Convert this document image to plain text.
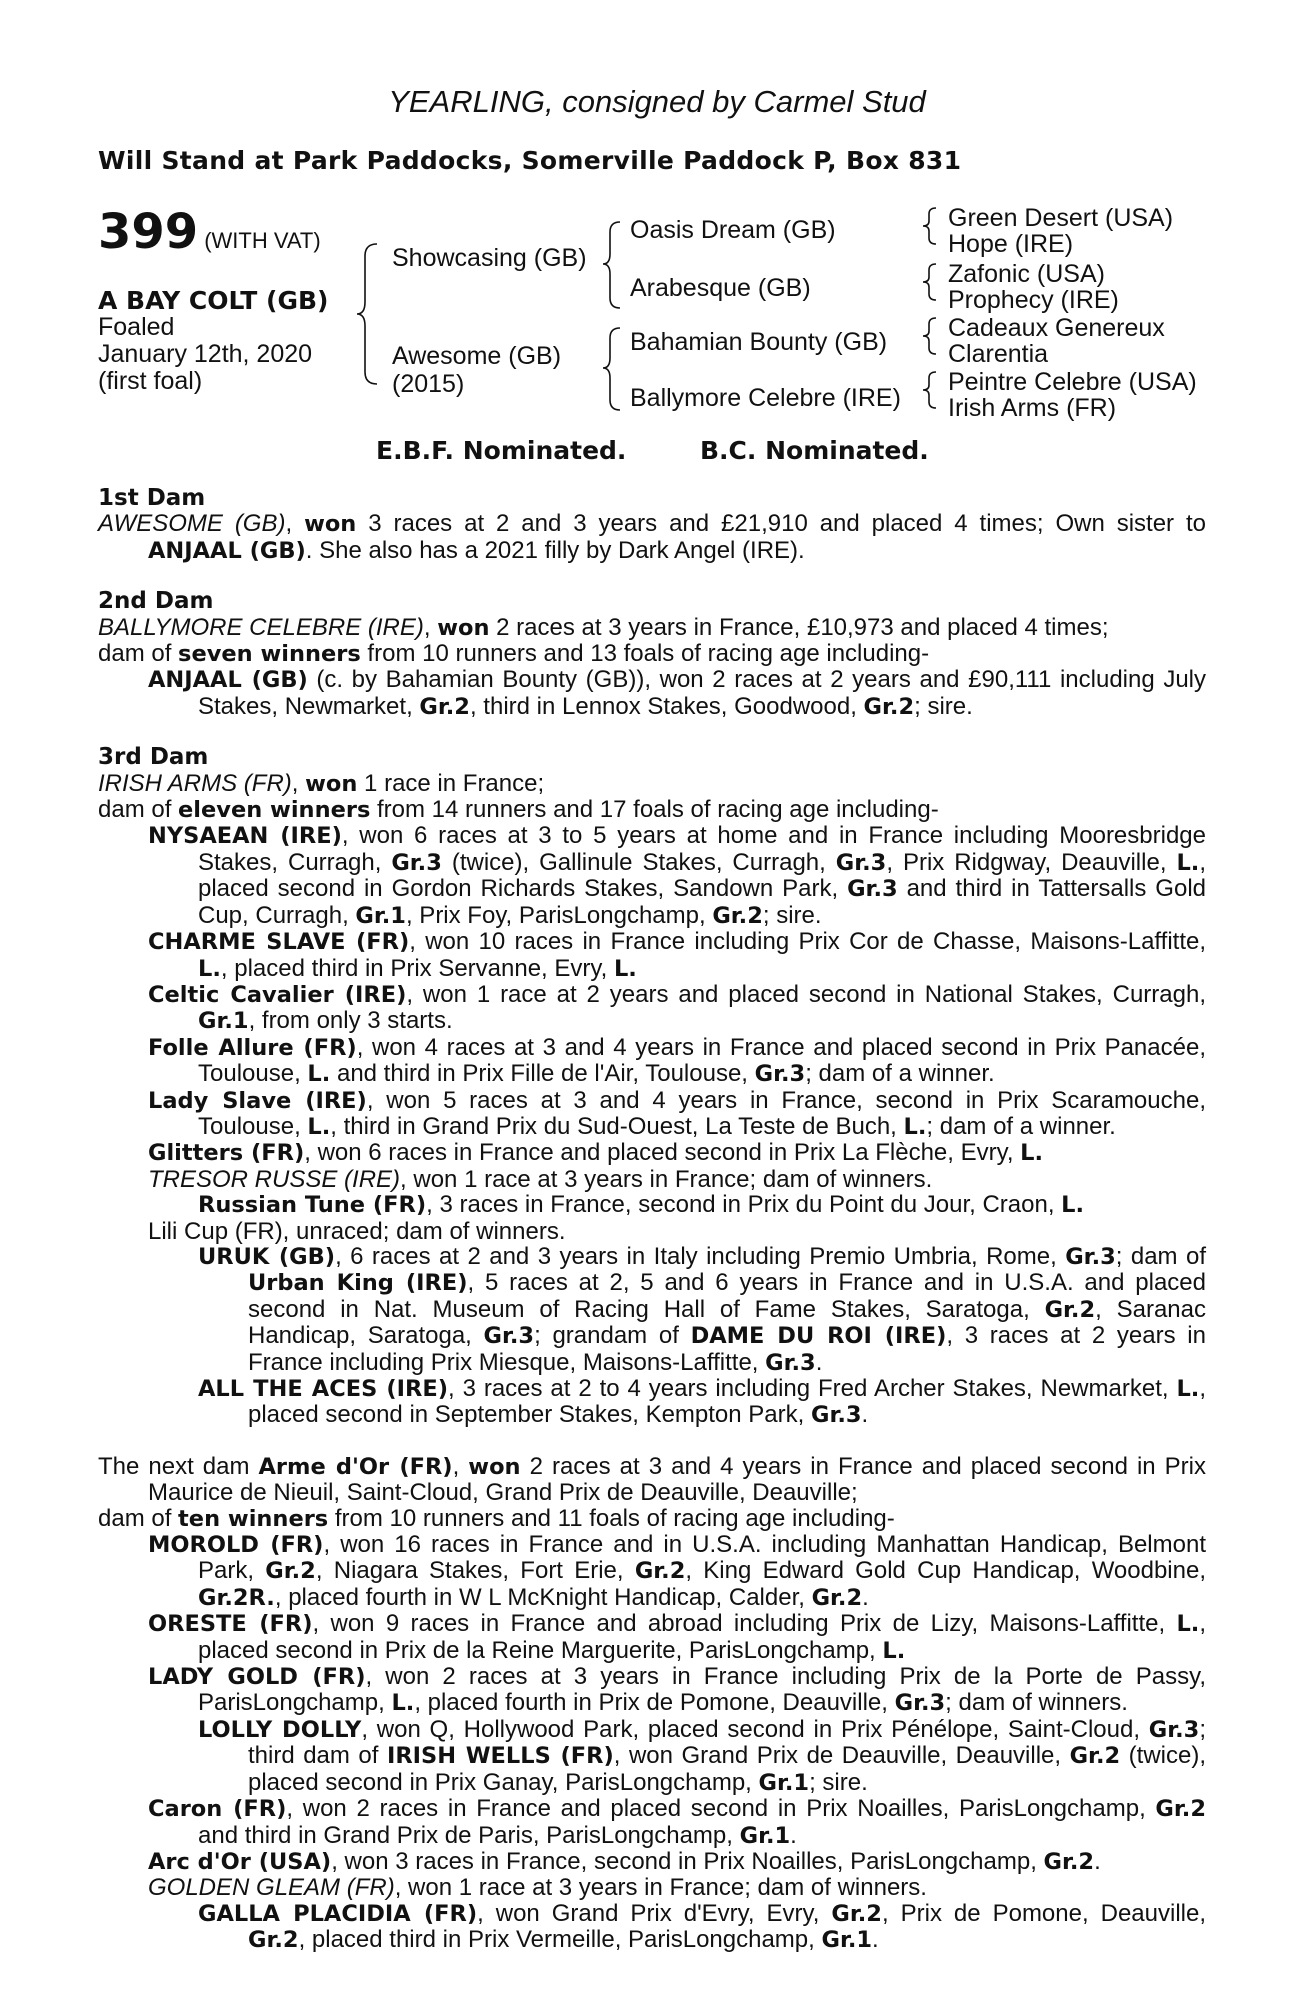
YEARLING, consigned by Carmel Stud
Will Stand at Park Paddocks, Somerville Paddock P, Box 831
399 (WITH VAT)
A BAY COLT (GB)
Foaled
January 12th, 2020
(first foal)
Showcasing (GB)
Awesome (GB)
(2015)
Oasis Dream (GB)
Arabesque (GB)
Bahamian Bounty (GB)
Ballymore Celebre (IRE)
Green Desert (USA)
Hope (IRE)
Zafonic (USA)
Prophecy (IRE)
Cadeaux Genereux
Clarentia
Peintre Celebre (USA)
Irish Arms (FR)
E.B.F. Nominated.	B.C. Nominated.
1st Dam

AWESOME (GB), won 3 races at 2 and 3 years and £21,910 and placed 4 times; Own sister to ANJAAL (GB). She also has a 2021 filly by Dark Angel (IRE).

2nd Dam

BALLYMORE CELEBRE (IRE), won 2 races at 3 years in France, £10,973 and placed 4 times;

dam of seven winners from 10 runners and 13 foals of racing age including-

ANJAAL (GB) (c. by Bahamian Bounty (GB)), won 2 races at 2 years and £90,111 including July Stakes, Newmarket, Gr.2, third in Lennox Stakes, Goodwood, Gr.2; sire.

3rd Dam

IRISH ARMS (FR), won 1 race in France;

dam of eleven winners from 14 runners and 17 foals of racing age including-

NYSAEAN (IRE), won 6 races at 3 to 5 years at home and in France including Mooresbridge Stakes, Curragh, Gr.3 (twice), Gallinule Stakes, Curragh, Gr.3, Prix Ridgway, Deauville, L., placed second in Gordon Richards Stakes, Sandown Park, Gr.3 and third in Tattersalls Gold Cup, Curragh, Gr.1, Prix Foy, ParisLongchamp, Gr.2; sire.

CHARME SLAVE (FR), won 10 races in France including Prix Cor de Chasse, Maisons-Laffitte, L., placed third in Prix Servanne, Evry, L.

Celtic Cavalier (IRE), won 1 race at 2 years and placed second in National Stakes, Curragh, Gr.1, from only 3 starts.

Folle Allure (FR), won 4 races at 3 and 4 years in France and placed second in Prix Panacée, Toulouse, L. and third in Prix Fille de l'Air, Toulouse, Gr.3; dam of a winner.

Lady Slave (IRE), won 5 races at 3 and 4 years in France, second in Prix Scaramouche, Toulouse, L., third in Grand Prix du Sud-Ouest, La Teste de Buch, L.; dam of a winner.

Glitters (FR), won 6 races in France and placed second in Prix La Flèche, Evry, L.

TRESOR RUSSE (IRE), won 1 race at 3 years in France; dam of winners.

Russian Tune (FR), 3 races in France, second in Prix du Point du Jour, Craon, L.

Lili Cup (FR), unraced; dam of winners.

URUK (GB), 6 races at 2 and 3 years in Italy including Premio Umbria, Rome, Gr.3; dam of Urban King (IRE), 5 races at 2, 5 and 6 years in France and in U.S.A. and placed second in Nat. Museum of Racing Hall of Fame Stakes, Saratoga, Gr.2, Saranac Handicap, Saratoga, Gr.3; grandam of DAME DU ROI (IRE), 3 races at 2 years in France including Prix Miesque, Maisons-Laffitte, Gr.3.

ALL THE ACES (IRE), 3 races at 2 to 4 years including Fred Archer Stakes, Newmarket, L., placed second in September Stakes, Kempton Park, Gr.3.

The next dam Arme d'Or (FR), won 2 races at 3 and 4 years in France and placed second in Prix Maurice de Nieuil, Saint-Cloud, Grand Prix de Deauville, Deauville;

dam of ten winners from 10 runners and 11 foals of racing age including-

MOROLD (FR), won 16 races in France and in U.S.A. including Manhattan Handicap, Belmont Park, Gr.2, Niagara Stakes, Fort Erie, Gr.2, King Edward Gold Cup Handicap, Woodbine, Gr.2R., placed fourth in W L McKnight Handicap, Calder, Gr.2.

ORESTE (FR), won 9 races in France and abroad including Prix de Lizy, Maisons-Laffitte, L., placed second in Prix de la Reine Marguerite, ParisLongchamp, L.

LADY GOLD (FR), won 2 races at 3 years in France including Prix de la Porte de Passy, ParisLongchamp, L., placed fourth in Prix de Pomone, Deauville, Gr.3; dam of winners.

LOLLY DOLLY, won Q, Hollywood Park, placed second in Prix Pénélope, Saint-Cloud, Gr.3; third dam of IRISH WELLS (FR), won Grand Prix de Deauville, Deauville, Gr.2 (twice), placed second in Prix Ganay, ParisLongchamp, Gr.1; sire.

Caron (FR), won 2 races in France and placed second in Prix Noailles, ParisLongchamp, Gr.2 and third in Grand Prix de Paris, ParisLongchamp, Gr.1.

Arc d'Or (USA), won 3 races in France, second in Prix Noailles, ParisLongchamp, Gr.2.

GOLDEN GLEAM (FR), won 1 race at 3 years in France; dam of winners.

GALLA PLACIDIA (FR), won Grand Prix d'Evry, Evry, Gr.2, Prix de Pomone, Deauville, Gr.2, placed third in Prix Vermeille, ParisLongchamp, Gr.1.
